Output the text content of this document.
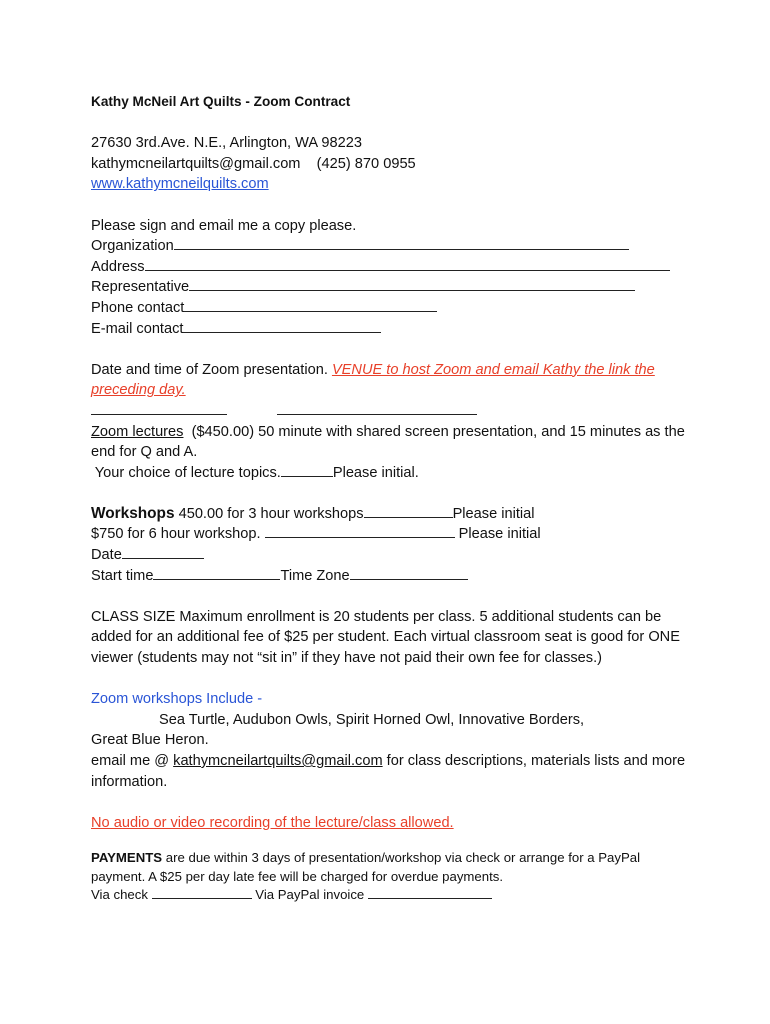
Kathy McNeil Art Quilts - Zoom Contract

27630 3rd.Ave. N.E., Arlington, WA 98223

kathymcneilartquilts@gmail.com    (425) 870 0955

www.kathymcneilquilts.com

Please sign and email me a copy please.

Organization

Address

Representative

Phone contact

E-mail contact

Date and time of Zoom presentation. VENUE to host Zoom and email Kathy the link the preceding day.

Zoom lectures  ($450.00) 50 minute with shared screen presentation, and 15 minutes as the end for Q and A.

Your choice of lecture topics.	Please initial.

Workshops 450.00 for 3 hour workshops	Please initial

$750 for 6 hour workshop.	Please initial

Date

Start time	Time Zone

CLASS SIZE Maximum enrollment is 20 students per class. 5 additional students can be added for an additional fee of $25 per student. Each virtual classroom seat is good for ONE viewer (students may not “sit in” if they have not paid their own fee for classes.)

Zoom workshops Include -

Sea Turtle, Audubon Owls, Spirit Horned Owl, Innovative Borders,

Great Blue Heron.

email me @ kathymcneilartquilts@gmail.com for class descriptions, materials lists and more information.

No audio or video recording of the lecture/class allowed.

PAYMENTS are due within 3 days of presentation/workshop via check or arrange for a PayPal payment. A $25 per day late fee will be charged for overdue payments.

Via check	Via PayPal invoice
